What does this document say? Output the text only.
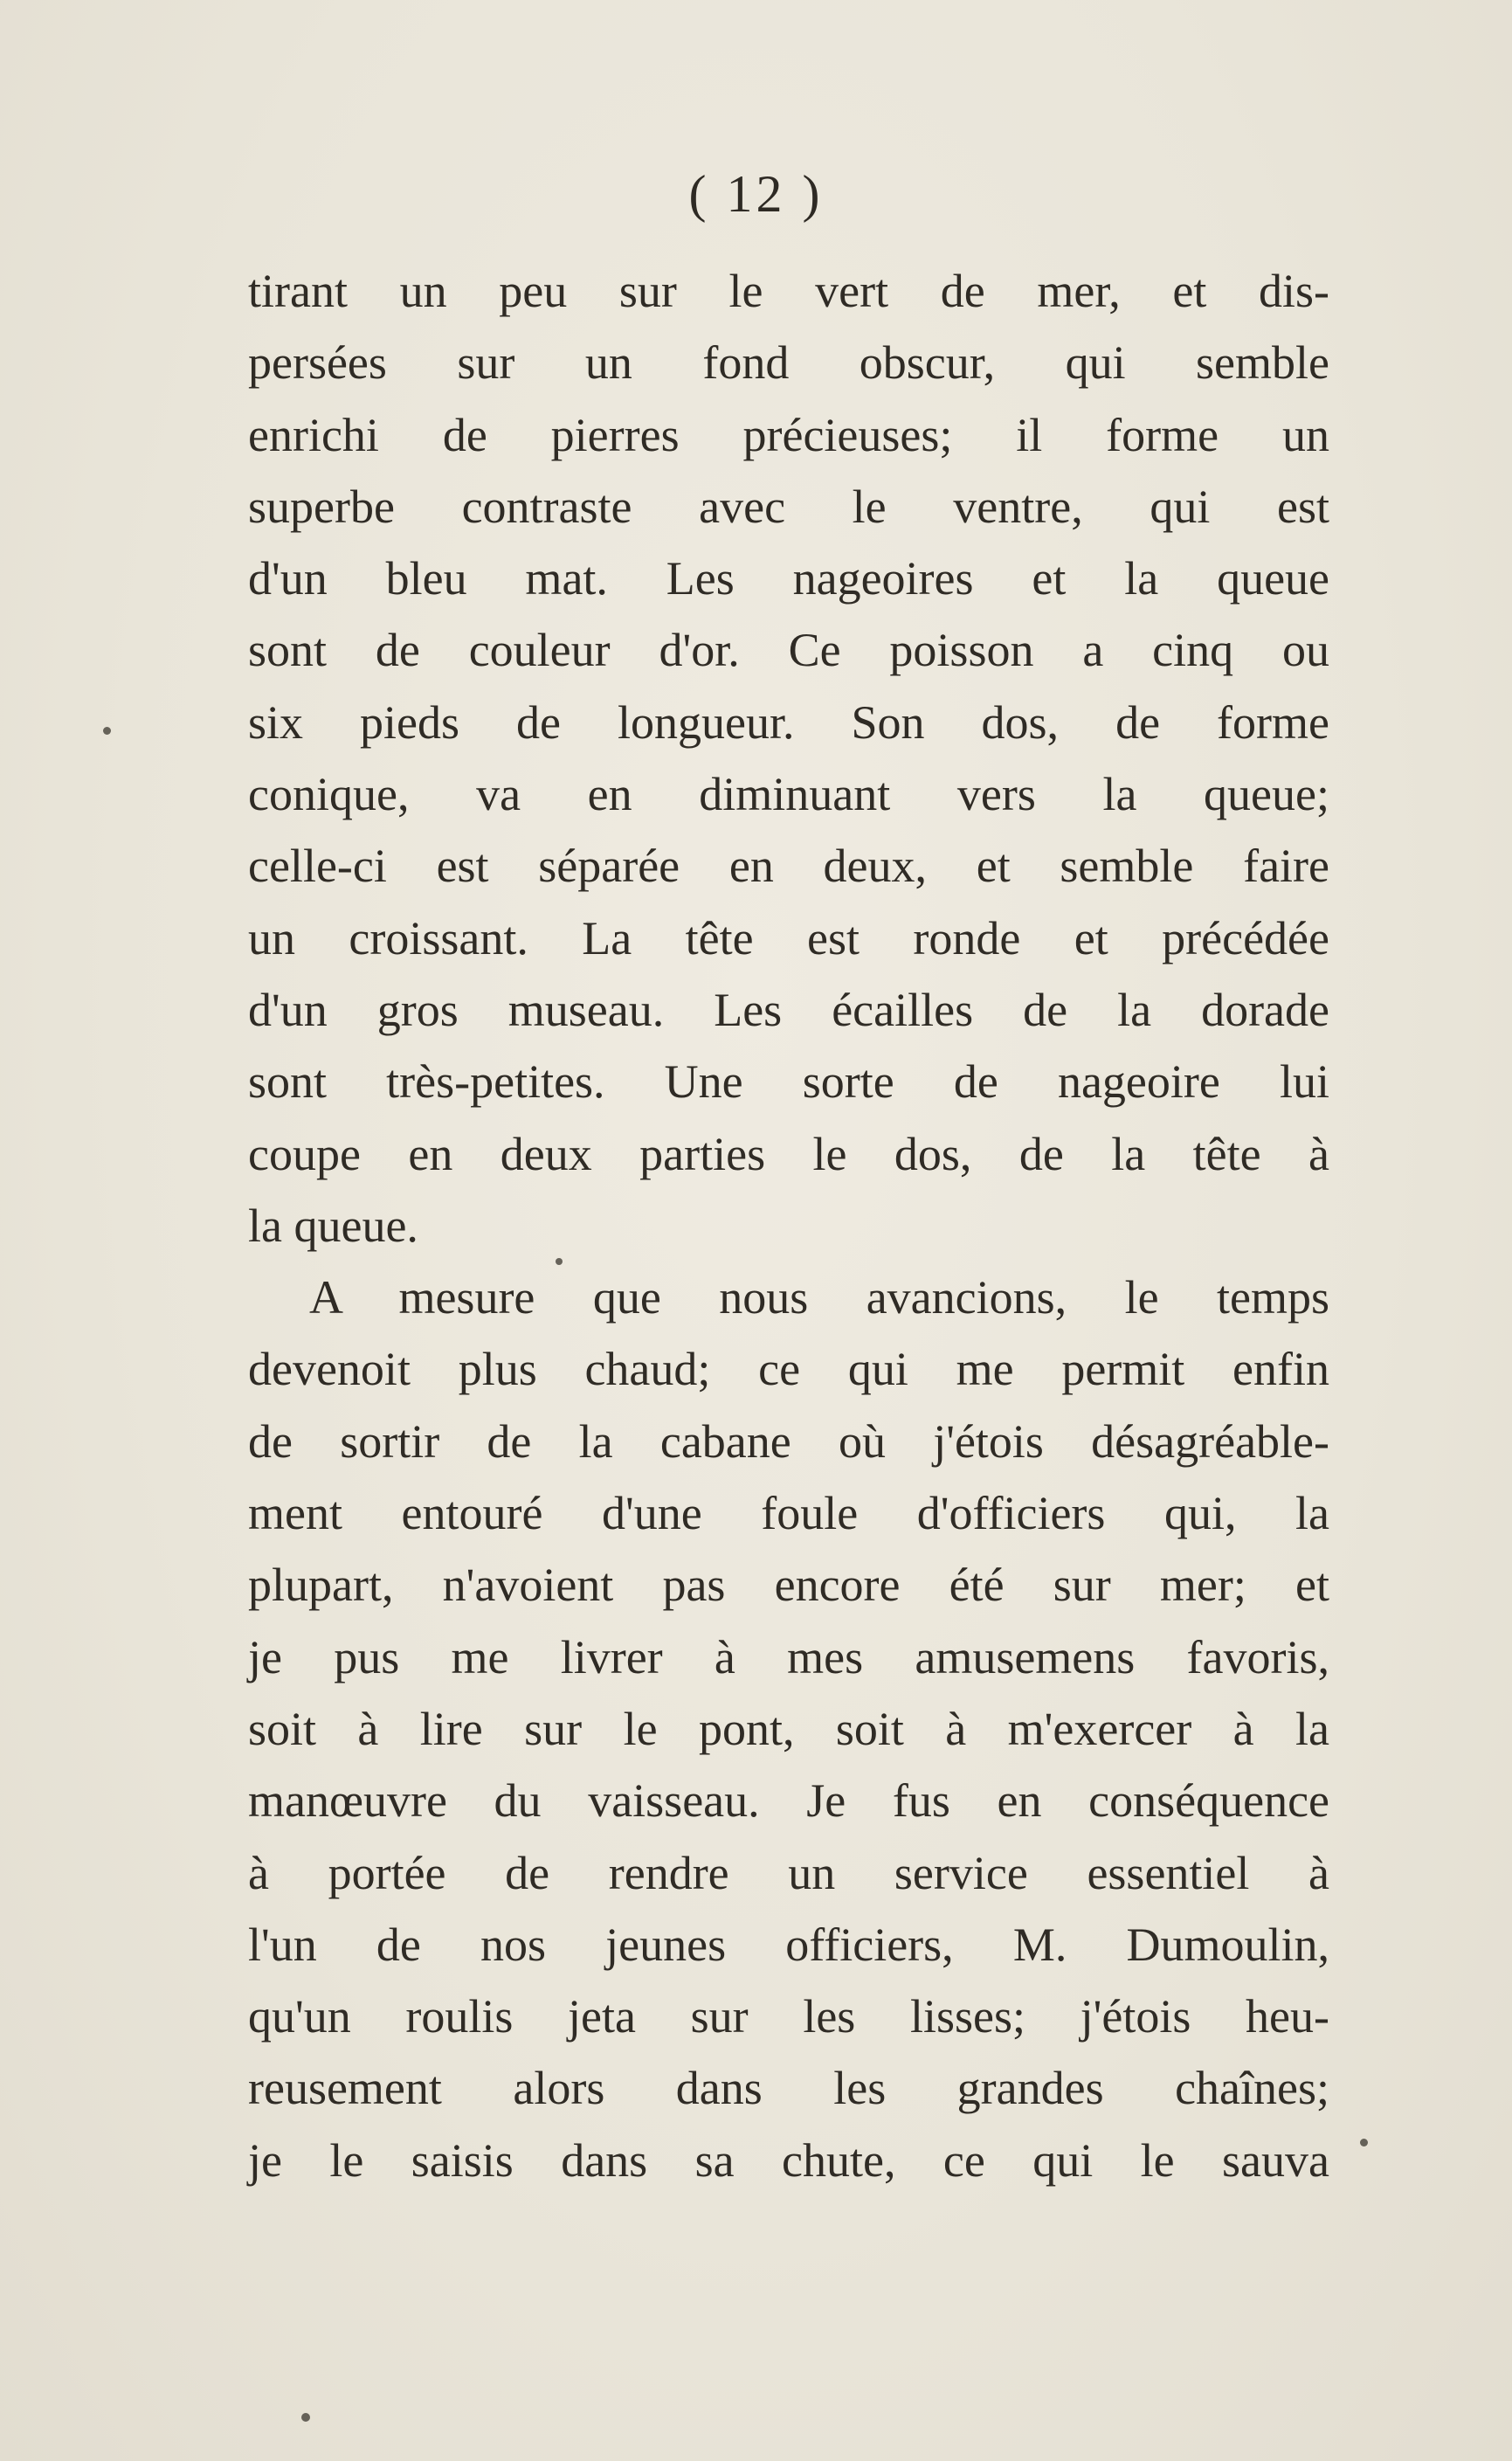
( 12 )
tirant un peu sur le vert de mer, et dis-
persées sur un fond obscur, qui semble
enrichi de pierres précieuses; il forme un
superbe contraste avec le ventre, qui est
d'un bleu mat. Les nageoires et la queue
sont de couleur d'or. Ce poisson a cinq ou
six pieds de longueur. Son dos, de forme
conique, va en diminuant vers la queue;
celle-ci est séparée en deux, et semble faire
un croissant. La tête est ronde et précédée
d'un gros museau. Les écailles de la dorade
sont très-petites. Une sorte de nageoire lui
coupe en deux parties le dos, de la tête à
la queue.
A mesure que nous avancions, le temps
devenoit plus chaud; ce qui me permit enfin
de sortir de la cabane où j'étois désagréable-
ment entouré d'une foule d'officiers qui, la
plupart, n'avoient pas encore été sur mer; et
je pus me livrer à mes amusemens favoris,
soit à lire sur le pont, soit à m'exercer à la
manœuvre du vaisseau. Je fus en conséquence
à portée de rendre un service essentiel à
l'un de nos jeunes officiers, M. Dumoulin,
qu'un roulis jeta sur les lisses; j'étois heu-
reusement alors dans les grandes chaînes;
je le saisis dans sa chute, ce qui le sauva
